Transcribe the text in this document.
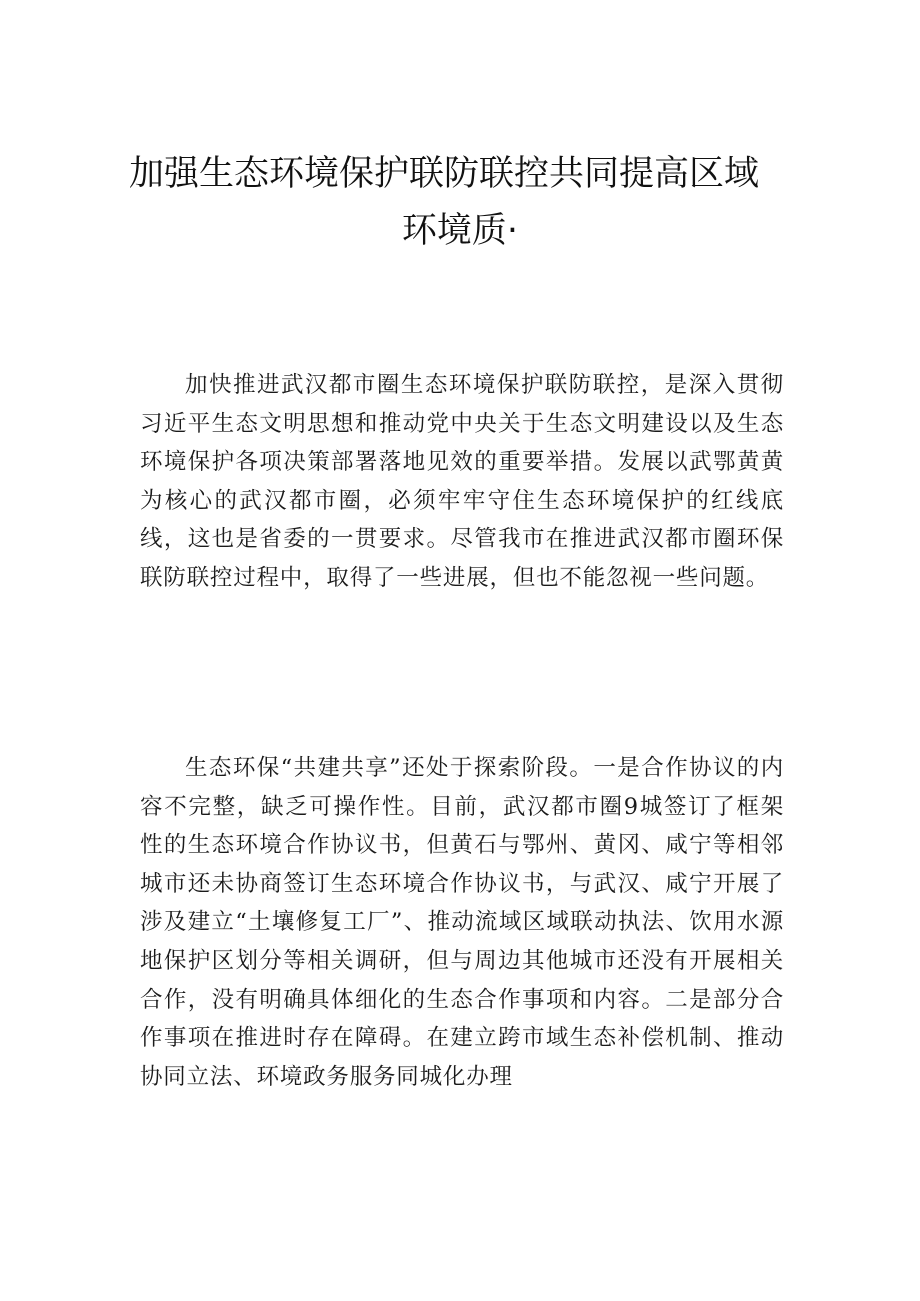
加强生态环境保护联防联控共同提高区域
环境质·

加快推进武汉都市圈生态环境保护联防联控，是深入贯彻习近平生态文明思想和推动党中央关于生态文明建设以及生态环境保护各项决策部署落地见效的重要举措。发展以武鄂黄黄为核心的武汉都市圈，必须牢牢守住生态环境保护的红线底线，这也是省委的一贯要求。尽管我市在推进武汉都市圈环保联防联控过程中，取得了一些进展，但也不能忽视一些问题。

生态环保“共建共享”还处于探索阶段。一是合作协议的内容不完整，缺乏可操作性。目前，武汉都市圈9城签订了框架性的生态环境合作协议书，但黄石与鄂州、黄冈、咸宁等相邻城市还未协商签订生态环境合作协议书，与武汉、咸宁开展了涉及建立“土壤修复工厂”、推动流域区域联动执法、饮用水源地保护区划分等相关调研，但与周边其他城市还没有开展相关合作，没有明确具体细化的生态合作事项和内容。二是部分合作事项在推进时存在障碍。在建立跨市域生态补偿机制、推动协同立法、环境政务服务同城化办理
